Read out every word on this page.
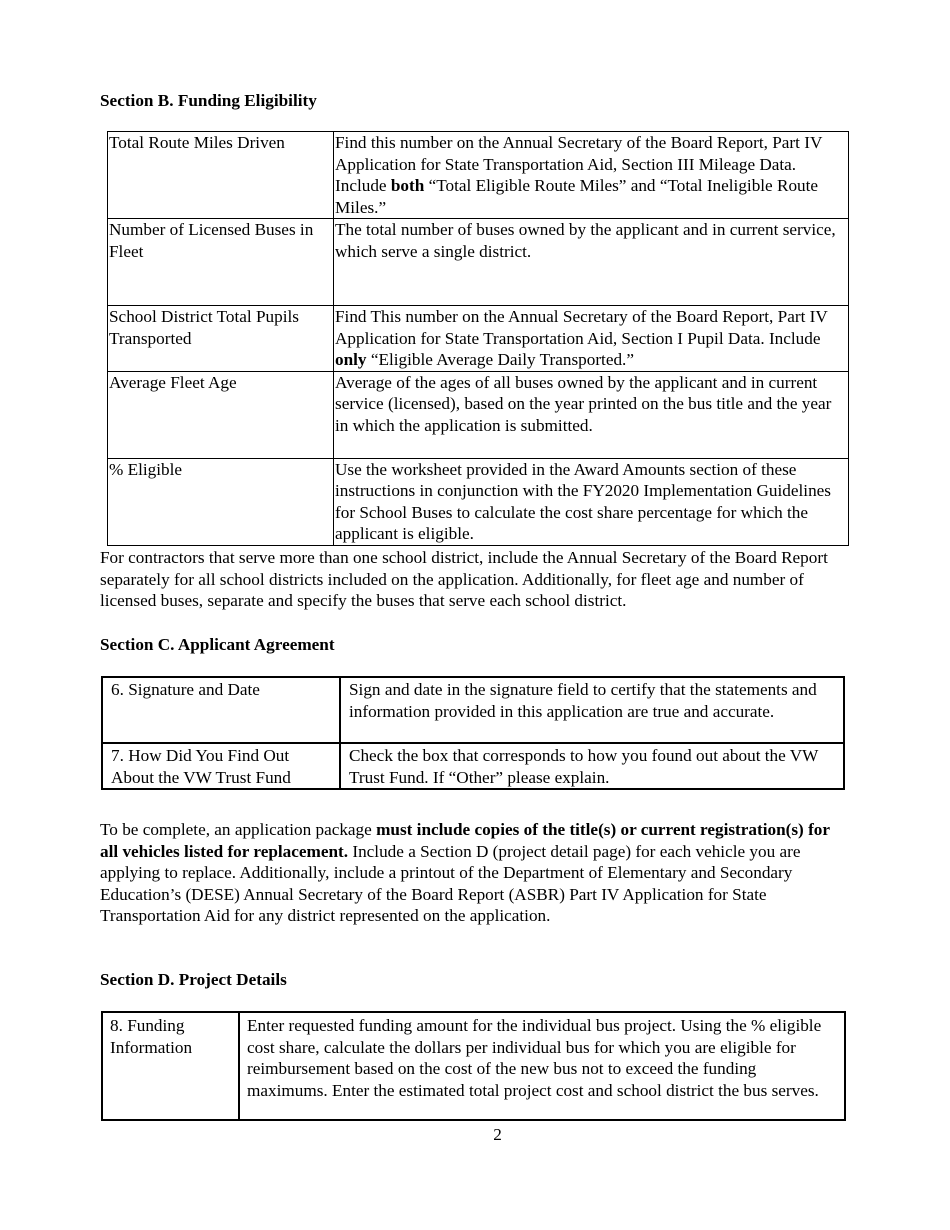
Section B. Funding Eligibility
Total Route Miles Driven	Find this number on the Annual Secretary of the Board Report, Part IV Application for State Transportation Aid, Section III Mileage Data. Include both “Total Eligible Route Miles” and “Total Ineligible Route Miles.”
Number of Licensed Buses in Fleet	The total number of buses owned by the applicant and in current service, which serve a single district.
School District Total Pupils Transported	Find This number on the Annual Secretary of the Board Report, Part IV Application for State Transportation Aid, Section I Pupil Data. Include only “Eligible Average Daily Transported.”
Average Fleet Age	Average of the ages of all buses owned by the applicant and in current service (licensed), based on the year printed on the bus title and the year in which the application is submitted.
% Eligible	Use the worksheet provided in the Award Amounts section of these instructions in conjunction with the FY2020 Implementation Guidelines for School Buses to calculate the cost share percentage for which the applicant is eligible.
For contractors that serve more than one school district, include the Annual Secretary of the Board Report separately for all school districts included on the application. Additionally, for fleet age and number of licensed buses, separate and specify the buses that serve each school district.
Section C. Applicant Agreement
6. Signature and Date	Sign and date in the signature field to certify that the statements and information provided in this application are true and accurate.
7. How Did You Find Out About the VW Trust Fund	Check the box that corresponds to how you found out about the VW Trust Fund. If “Other” please explain.
To be complete, an application package must include copies of the title(s) or current registration(s) for all vehicles listed for replacement. Include a Section D (project detail page) for each vehicle you are applying to replace. Additionally, include a printout of the Department of Elementary and Secondary Education’s (DESE) Annual Secretary of the Board Report (ASBR) Part IV Application for State Transportation Aid for any district represented on the application.
Section D. Project Details
8. Funding Information	Enter requested funding amount for the individual bus project. Using the % eligible cost share, calculate the dollars per individual bus for which you are eligible for reimbursement based on the cost of the new bus not to exceed the funding maximums. Enter the estimated total project cost and school district the bus serves.
2
